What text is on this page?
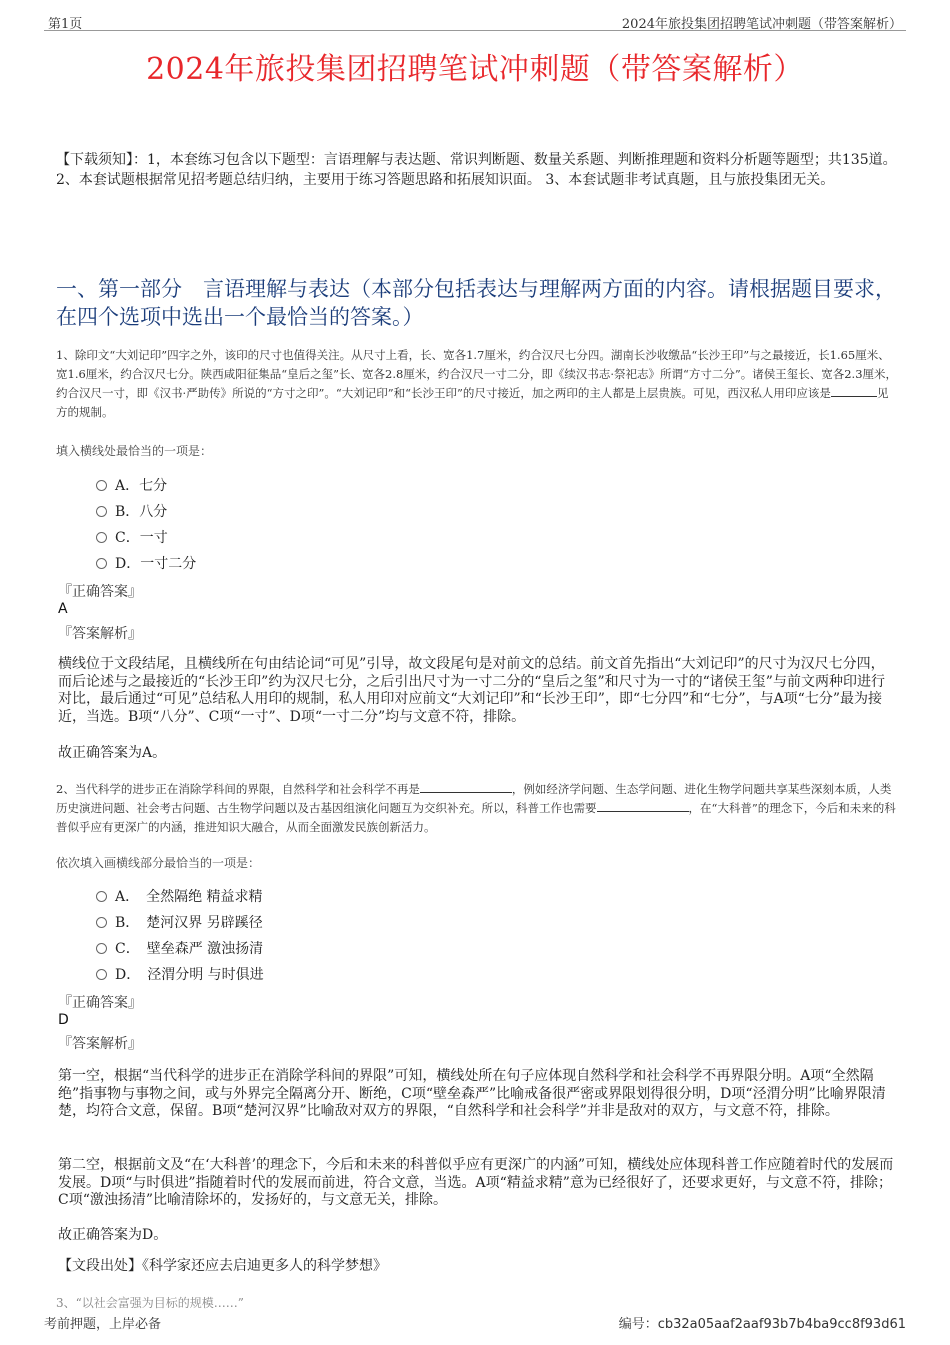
第1页	2024年旅投集团招聘笔试冲刺题（带答案解析）
2024年旅投集团招聘笔试冲刺题（带答案解析）
【下载须知】：1，本套练习包含以下题型：言语理解与表达题、常识判断题、数量关系题、判断推理题和资料分析题等题型；共135道。 2、本套试题根据常见招考题总结归纳，主要用于练习答题思路和拓展知识面。 3、本套试题非考试真题，且与旅投集团无关。
一、第一部分　言语理解与表达（本部分包括表达与理解两方面的内容。请根据题目要求，在四个选项中选出一个最恰当的答案。）
1、除印文“大刘记印”四字之外，该印的尺寸也值得关注。从尺寸上看，长、宽各1.7厘米，约合汉尺七分四。湖南长沙收缴品“长沙王印”与之最接近，长1.65厘米、宽1.6厘米，约合汉尺七分。陕西咸阳征集品“皇后之玺”长、宽各2.8厘米，约合汉尺一寸二分，即《续汉书志·祭祀志》所谓“方寸二分”。诸侯王玺长、宽各2.3厘米，约合汉尺一寸，即《汉书·严助传》所说的“方寸之印”。“大刘记印”和“长沙王印”的尺寸接近，加之两印的主人都是上层贵族。可见，西汉私人用印应该是	见方的规制。
填入横线处最恰当的一项是：
A．七分
B．八分
C．一寸
D．一寸二分
『正确答案』
A
『答案解析』
横线位于文段结尾，且横线所在句由结论词“可见”引导，故文段尾句是对前文的总结。前文首先指出“大刘记印”的尺寸为汉尺七分四，而后论述与之最接近的“长沙王印”约为汉尺七分，之后引出尺寸为一寸二分的“皇后之玺”和尺寸为一寸的“诸侯王玺”与前文两种印进行对比，最后通过“可见”总结私人用印的规制，私人用印对应前文“大刘记印”和“长沙王印”，即“七分四”和“七分”，与A项“七分”最为接近，当选。B项“八分”、C项“一寸”、D项“一寸二分”均与文意不符，排除。
故正确答案为A。
2、当代科学的进步正在消除学科间的界限，自然科学和社会科学不再是	，例如经济学问题、生态学问题、进化生物学问题共享某些深刻本质，人类历史演进问题、社会考古问题、古生物学问题以及古基因组演化问题互为交织补充。所以，科普工作也需要	，在“大科普”的理念下，今后和未来的科普似乎应有更深广的内涵，推进知识大融合，从而全面激发民族创新活力。
依次填入画横线部分最恰当的一项是：
A．　全然隔绝 精益求精
B．　楚河汉界 另辟蹊径
C．　壁垒森严 激浊扬清
D．　泾渭分明 与时俱进
『正确答案』
D
『答案解析』
第一空，根据“当代科学的进步正在消除学科间的界限”可知，横线处所在句子应体现自然科学和社会科学不再界限分明。A项“全然隔绝”指事物与事物之间，或与外界完全隔离分开、断绝，C项“壁垒森严”比喻戒备很严密或界限划得很分明，D项“泾渭分明”比喻界限清楚，均符合文意，保留。B项“楚河汉界”比喻敌对双方的界限，“自然科学和社会科学”并非是敌对的双方，与文意不符，排除。
第二空，根据前文及“在‘大科普’的理念下，今后和未来的科普似乎应有更深广的内涵”可知，横线处应体现科普工作应随着时代的发展而发展。D项“与时俱进”指随着时代的发展而前进，符合文意，当选。A项“精益求精”意为已经很好了，还要求更好，与文意不符，排除；C项“激浊扬清”比喻清除坏的，发扬好的，与文意无关，排除。
故正确答案为D。
【文段出处】《科学家还应去启迪更多人的科学梦想》
3、“以社会富强为目标的规模……”
考前押题，上岸必备	编号：cb32a05aaf2aaf93b7b4ba9cc8f93d61
